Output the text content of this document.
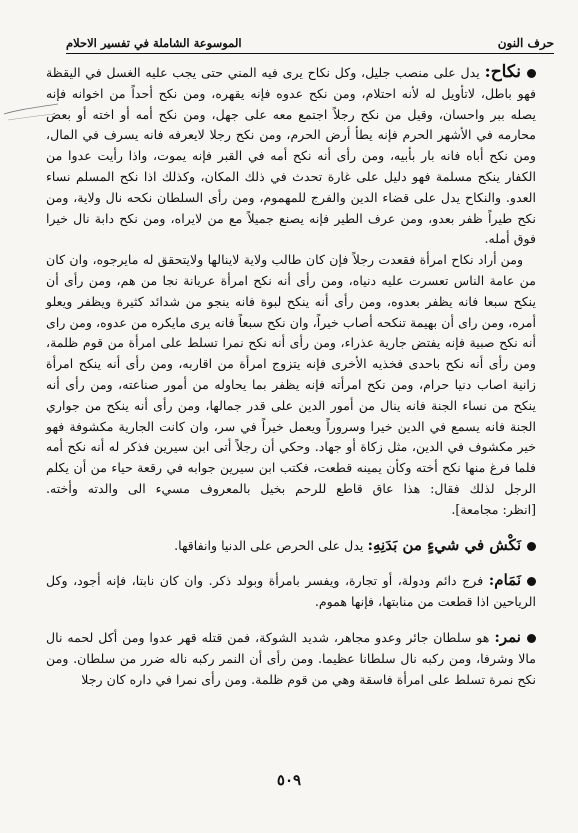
حرف النون
الموسوعة الشاملة في تفسير الاحلام

نكاح: يدل على منصب جليل، وكل نكاح يرى فيه المني حتى يجب عليه الغسل في اليقظة فهو باطل، لاتأويل له لأنه احتلام، ومن نكح عدوه فإنه يقهره، ومن نكح أحداً من اخوانه فإنه يصله ببر واحسان، وقيل من نكح رجلاً اجتمع معه على جهل، ومن نكح أمه أو اخته أو بعض محارمه في الأشهر الحرم فإنه يطأ أرض الحرم، ومن نكح رجلا لايعرفه فانه يسرف في المال، ومن نكح أباه فانه بار بأبيه، ومن رأى أنه نكح أمه في القبر فإنه يموت، واذا رأيت عدوا من الكفار ينكح مسلمة فهو دليل على غارة تحدث في ذلك المكان، وكذلك اذا نكح المسلم نساء العدو. والنكاح يدل على قضاء الدين والفرج للمهموم، ومن رأى السلطان نكحه نال ولاية، ومن نكح طيراً ظفر بعدو، ومن عرف الطير فإنه يصنع جميلاً مع من لايراه، ومن نكح دابة نال خيرا فوق أمله.

ومن أراد نكاح امرأة فقعدت رجلاً فإن كان طالب ولاية لاينالها ولايتحقق له مايرجوه، وان كان من عامة الناس تعسرت عليه دنياه، ومن رأى أنه نكح امرأة عريانة نجا من هم، ومن رأى أن ينكح سبعا فانه يظفر بعدوه، ومن رأى أنه ينكح لبوة فانه ينجو من شدائد كثيرة ويظفر ويعلو أمره، ومن راى أن بهيمة تنكحه أصاب خيراً، وان نكح سبعاً فانه يرى مايكره من عدوه، ومن راى أنه نكح صبية فإنه يفتض جارية عذراء، ومن رأى أنه نكح نمرا تسلط على امرأة من قوم ظلمة، ومن رأى أنه نكح باحدى فخذيه الأخرى فإنه يتزوج امرأة من اقاربه، ومن رأى أنه ينكح امرأة زانية اصاب دنيا حرام، ومن نكح امرأته فإنه يظفر بما يحاوله من أمور صناعته، ومن رأى أنه ينكح من نساء الجنة فانه ينال من أمور الدين على قدر جمالها، ومن رأى أنه ينكح من جواري الجنة فانه يسمع في الدين خيرا وسروراً ويعمل خيراً في سر، وان كانت الجارية مكشوفة فهو خير مكشوف في الدين، مثل زكاة أو جهاد. وحكي أن رجلاً أتى ابن سيرين فذكر له أنه نكح أمه فلما فرغ منها نكح أخته وكأن يمينه قطعت، فكتب ابن سيرين جوابه في رقعة حياء من أن يكلم الرجل لذلك فقال: هذا عاق قاطع للرحم بخيل بالمعروف مسيء الى والدته وأخته. [انظر: مجامعة].

نَكْش في شيءٍ من بَدَنِهِ: يدل على الحرص على الدنيا وانفاقها.

نَمَام: فرج دائم ودولة، أو تجارة، ويفسر بامرأة وبولد ذكر. وان كان نابتا، فإنه أجود، وكل الرياحين اذا قطعت من منابتها، فإنها هموم.

نمر: هو سلطان جائر وعدو مجاهر، شديد الشوكة، فمن قتله قهر عدوا ومن أكل لحمه نال مالا وشرفا، ومن ركبه نال سلطانا عظيما. ومن رأى أن النمر ركبه ناله ضرر من سلطان. ومن نكح نمرة تسلط على امرأة فاسقة وهي من قوم ظلمة. ومن رأى نمرا في داره كان رجلا

٥٠٩
